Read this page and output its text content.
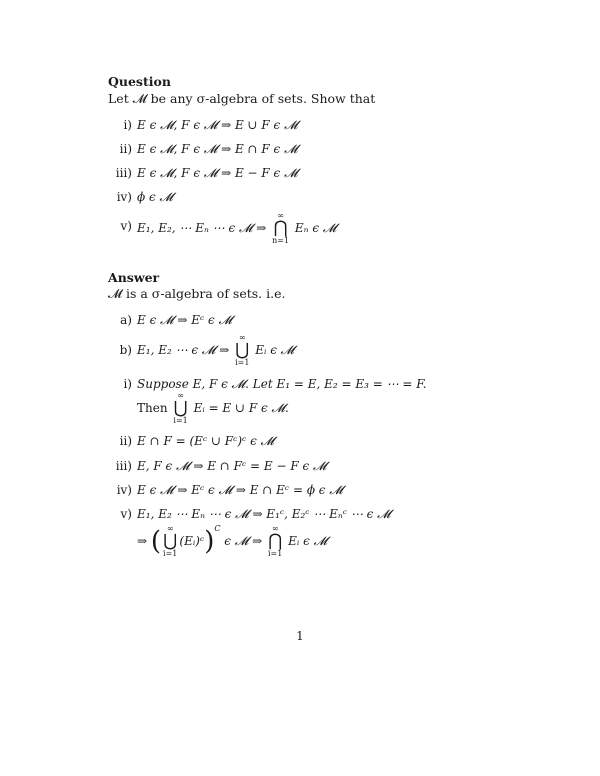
Question
Let 𝓜 be any σ-algebra of sets. Show that
i) E ϵ 𝓜, F ϵ 𝓜 ⇒ E ∪ F ϵ 𝓜
ii) E ϵ 𝓜, F ϵ 𝓜 ⇒ E ∩ F ϵ 𝓜
iii) E ϵ 𝓜, F ϵ 𝓜 ⇒ E − F ϵ 𝓜
iv) ϕ ϵ 𝓜
v) E₁, E₂, ⋯ Eₙ ⋯ ϵ 𝓜 ⇒
∞
⋂
n=1
Eₙ ϵ 𝓜
Answer
𝓜 is a σ-algebra of sets. i.e.
a) E ϵ 𝓜 ⇒ Eᶜ ϵ 𝓜
b) E₁, E₂ ⋯ ϵ 𝓜 ⇒
∞
⋃
i=1
Eᵢ ϵ 𝓜
i) Suppose E, F ϵ 𝓜. Let E₁ = E, E₂ = E₃ = ⋯ = F.
Then
∞
⋃
i=1
Eᵢ = E ∪ F ϵ 𝓜.
ii) E ∩ F = (Eᶜ ∪ Fᶜ)ᶜ ϵ 𝓜
iii) E, F ϵ 𝓜 ⇒ E ∩ Fᶜ = E − F ϵ 𝓜
iv) E ϵ 𝓜 ⇒ Eᶜ ϵ 𝓜 ⇒ E ∩ Eᶜ = ϕ ϵ 𝓜
v) E₁, E₂ ⋯ Eₙ ⋯ ϵ 𝓜 ⇒ E₁ᶜ, E₂ᶜ ⋯ Eₙᶜ ⋯ ϵ 𝓜
⇒ ( ∞
⋃
i=1
(Eᵢ)ᶜ)$^C$ ϵ 𝓜 ⇒
∞
⋂
i=1
Eᵢ ϵ 𝓜
1
